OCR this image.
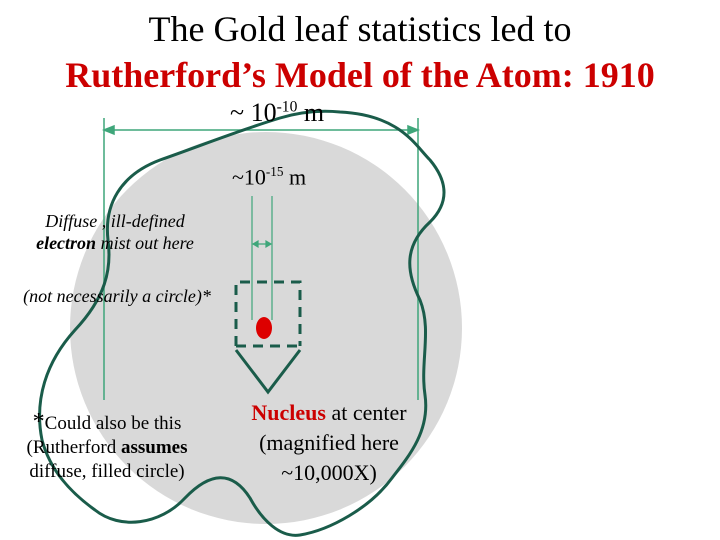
The Gold leaf statistics led to
Rutherford’s Model of the Atom: 1910
~ $10^{-10}$ m
$\sim 10^{-15}$ m
Diffuse , ill-defined
electron mist out here
(not necessarily a circle)*
*Could also be this (Rutherford assumes diffuse, filled circle)
Nucleus at center (magnified here ~10,000X)
